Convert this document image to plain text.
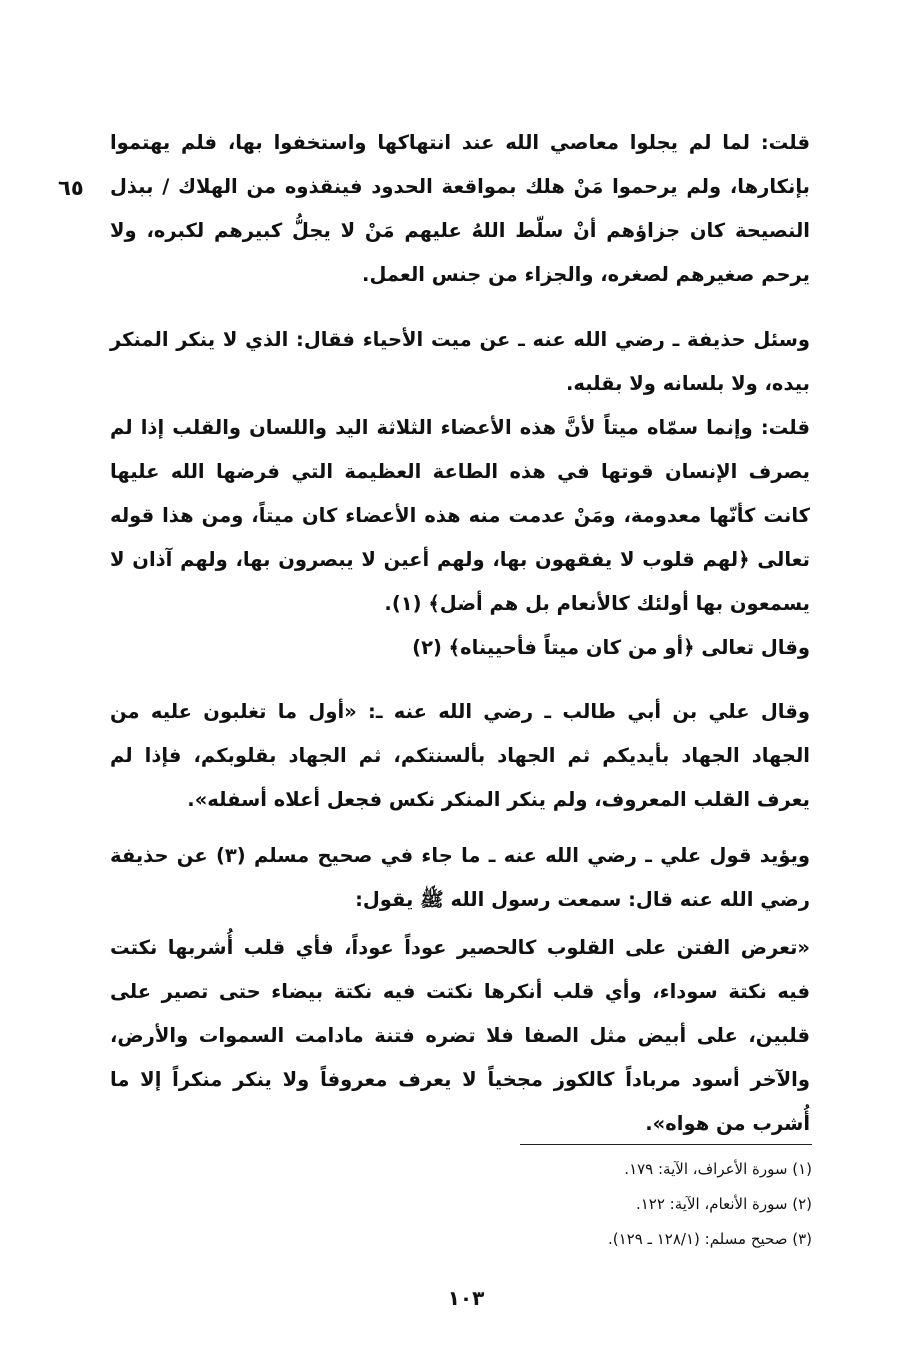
٦٥

قلت: لما لم يجلوا معاصي الله عند انتهاكها واستخفوا بها، فلم يهتموا بإنكارها، ولم يرحموا مَنْ هلك بمواقعة الحدود فينقذوه من الهلاك / ببذل النصيحة كان جزاؤهم أنْ سلّط اللهُ عليهم مَنْ لا يجلُّ كبيرهم لكبره، ولا يرحم صغيرهم لصغره، والجزاء من جنس العمل.

وسئل حذيفة ـ رضي الله عنه ـ عن ميت الأحياء فقال: الذي لا ينكر المنكر بيده، ولا بلسانه ولا بقلبه.

قلت: وإنما سمّاه ميتاً لأنَّ هذه الأعضاء الثلاثة اليد واللسان والقلب إذا لم يصرف الإنسان قوتها في هذه الطاعة العظيمة التي فرضها الله عليها كانت كأنّها معدومة، ومَنْ عدمت منه هذه الأعضاء كان ميتاً، ومن هذا قوله تعالى ﴿لهم قلوب لا يفقهون بها، ولهم أعين لا يبصرون بها، ولهم آذان لا يسمعون بها أولئك كالأنعام بل هم أضل﴾ (١).

وقال تعالى ﴿أو من كان ميتاً فأحييناه﴾ (٢)

وقال علي بن أبي طالب ـ رضي الله عنه ـ: «أول ما تغلبون عليه من الجهاد الجهاد بأيديكم ثم الجهاد بألسنتكم، ثم الجهاد بقلوبكم، فإذا لم يعرف القلب المعروف، ولم ينكر المنكر نكس فجعل أعلاه أسفله».

ويؤيد قول علي ـ رضي الله عنه ـ ما جاء في صحيح مسلم (٣) عن حذيفة رضي الله عنه قال: سمعت رسول الله ﷺ يقول:

«تعرض الفتن على القلوب كالحصير عوداً عوداً، فأي قلب أُشربها نكتت فيه نكتة سوداء، وأي قلب أنكرها نكتت فيه نكتة بيضاء حتى تصير على قلبين، على أبيض مثل الصفا فلا تضره فتنة مادامت السموات والأرض، والآخر أسود مرباداً كالكوز مجخياً لا يعرف معروفاً ولا ينكر منكراً إلا ما أُشرب من هواه».

(١) سورة الأعراف، الآية: ١٧٩.

(٢) سورة الأنعام، الآية: ١٢٢.

(٣) صحيح مسلم: (١٢٨/١ ـ ١٢٩).

١٠٣
